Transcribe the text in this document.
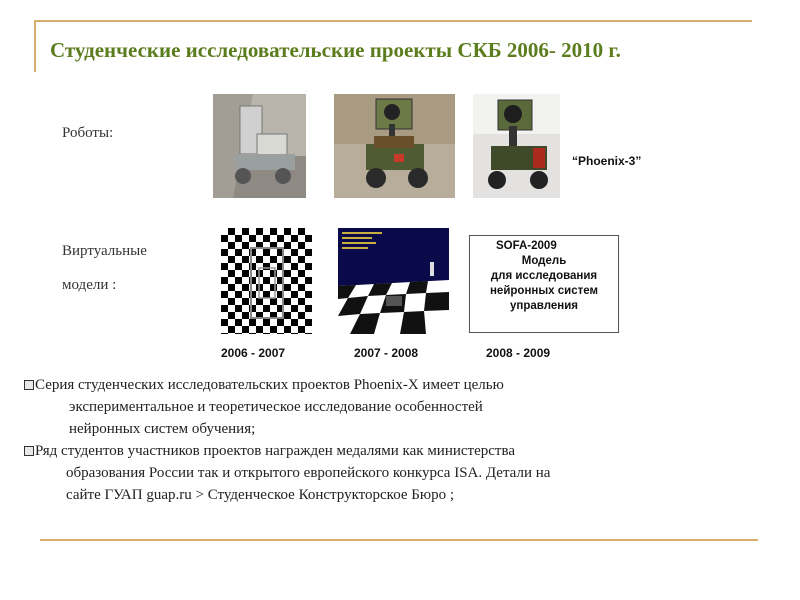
Студенческие исследовательские проекты СКБ 2006- 2010 г.
Роботы:
“Phoenix-3”
Виртуальные
модели :
SOFA-2009
Модель
для исследования
нейронных систем
управления
2006 - 2007	2007 - 2008	2008 - 2009
Серия студенческих исследовательских проектов Phoenix-X имеет целью
экспериментальное и теоретическое исследование особенностей
нейронных систем обучения;
Ряд студентов участников проектов награжден медалями как министерства
образования России так и открытого европейского конкурса ISA. Детали на
сайте ГУАП guap.ru > Студенческое Конструкторское Бюро ;
